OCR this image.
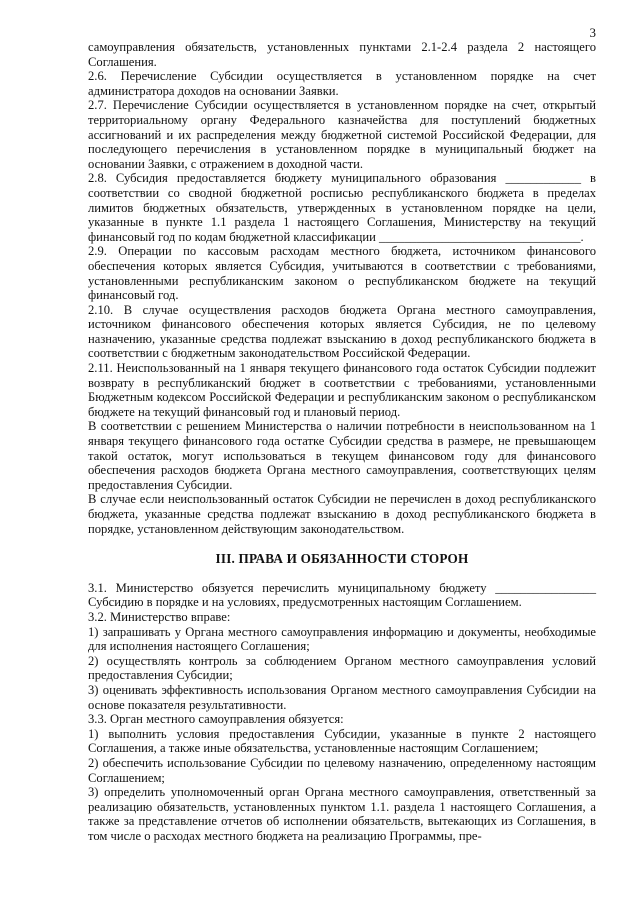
3

самоуправления обязательств, установленных пунктами 2.1-2.4 раздела 2 настоящего Соглашения.

2.6. Перечисление Субсидии осуществляется в установленном порядке на счет администратора доходов на основании Заявки.

2.7. Перечисление Субсидии осуществляется в установленном порядке на счет, открытый территориальному органу Федерального казначейства для поступлений бюджетных ассигнований и их распределения между бюджетной системой Российской Федерации, для последующего перечисления в установленном порядке в муниципальный бюджет на основании Заявки, с отражением в доходной части.

2.8. Субсидия предоставляется бюджету муниципального образования ____________ в соответствии со сводной бюджетной росписью республиканского бюджета в пределах лимитов бюджетных обязательств, утвержденных в установленном порядке на цели, указанные в пункте 1.1 раздела 1 настоящего Соглашения, Министерству на текущий финансовый год по кодам бюджетной классификации ________________________________.

2.9. Операции по кассовым расходам местного бюджета, источником финансового обеспечения которых является Субсидия, учитываются в соответствии с требованиями, установленными республиканским законом о республиканском бюджете на текущий финансовый год.

2.10. В случае осуществления расходов бюджета Органа местного самоуправления, источником финансового обеспечения которых является Субсидия, не по целевому назначению, указанные средства подлежат взысканию в доход республиканского бюджета в соответствии с бюджетным законодательством Российской Федерации.

2.11. Неиспользованный на 1 января текущего финансового года остаток Субсидии подлежит возврату в республиканский бюджет в соответствии с требованиями, установленными Бюджетным кодексом Российской Федерации и республиканским законом о республиканском бюджете на текущий финансовый год и плановый период.

В соответствии с решением Министерства о наличии потребности в неиспользованном на 1 января текущего финансового года остатке Субсидии средства в размере, не превышающем такой остаток, могут использоваться в текущем финансовом году для финансового обеспечения расходов бюджета Органа местного самоуправления, соответствующих целям предоставления Субсидии.

В случае если неиспользованный остаток Субсидии не перечислен в доход республиканского бюджета, указанные средства подлежат взысканию в доход республиканского бюджета в порядке, установленном действующим законодательством.

III. ПРАВА И ОБЯЗАННОСТИ СТОРОН

3.1. Министерство обязуется перечислить муниципальному бюджету ________________ Субсидию в порядке и на условиях, предусмотренных настоящим Соглашением.

3.2. Министерство вправе:

1) запрашивать у Органа местного самоуправления информацию и документы, необходимые для исполнения настоящего Соглашения;

2) осуществлять контроль за соблюдением Органом местного самоуправления условий предоставления Субсидии;

3) оценивать эффективность использования Органом местного самоуправления Субсидии на основе показателя результативности.

3.3. Орган местного самоуправления обязуется:

1) выполнить условия предоставления Субсидии, указанные в пункте 2 настоящего Соглашения, а также иные обязательства, установленные настоящим Соглашением;

2) обеспечить использование Субсидии по целевому назначению, определенному настоящим Соглашением;

3) определить уполномоченный орган Органа местного самоуправления, ответственный за реализацию обязательств, установленных пунктом 1.1. раздела 1 настоящего Соглашения, а также за представление отчетов об исполнении обязательств, вытекающих из Соглашения, в том числе о расходах местного бюджета на реализацию Программы, пре-
